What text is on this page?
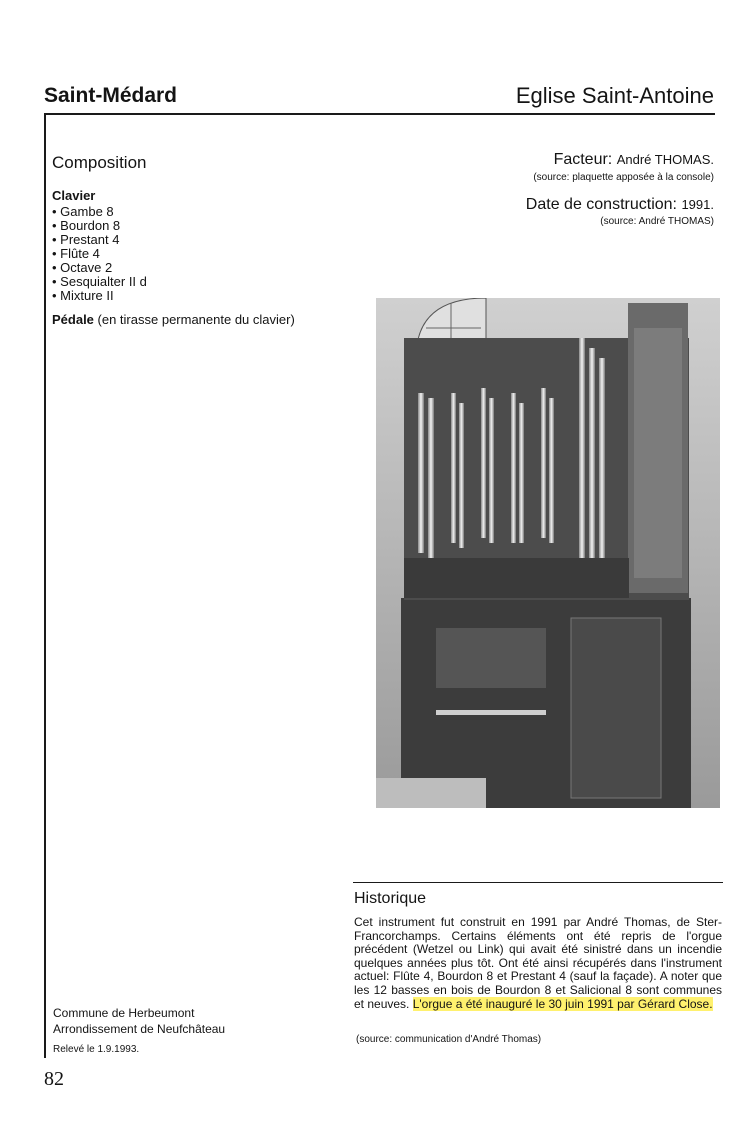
Saint-Médard	Eglise Saint-Antoine
Composition
Clavier
• Gambe 8
• Bourdon 8
• Prestant 4
• Flûte 4
• Octave 2
• Sesquialter II d
• Mixture II
Pédale (en tirasse permanente du clavier)
Facteur: André THOMAS.
(source: plaquette apposée à la console)
Date de construction: 1991.
(source: André THOMAS)
Historique
Cet instrument fut construit en 1991 par André Thomas, de Ster-Francorchamps. Certains éléments ont été repris de l'orgue précédent (Wetzel ou Link) qui avait été sinistré dans un incendie quelques années plus tôt. Ont été ainsi récupérés dans l'instrument actuel: Flûte 4, Bourdon 8 et Prestant 4 (sauf la façade). A noter que les 12 basses en bois de Bourdon 8 et Salicional 8 sont communes et neuves. L'orgue a été inauguré le 30 juin 1991 par Gérard Close.
(source: communication d'André Thomas)
Commune de Herbeumont
Arrondissement de Neufchâteau
Relevé le 1.9.1993.
82
